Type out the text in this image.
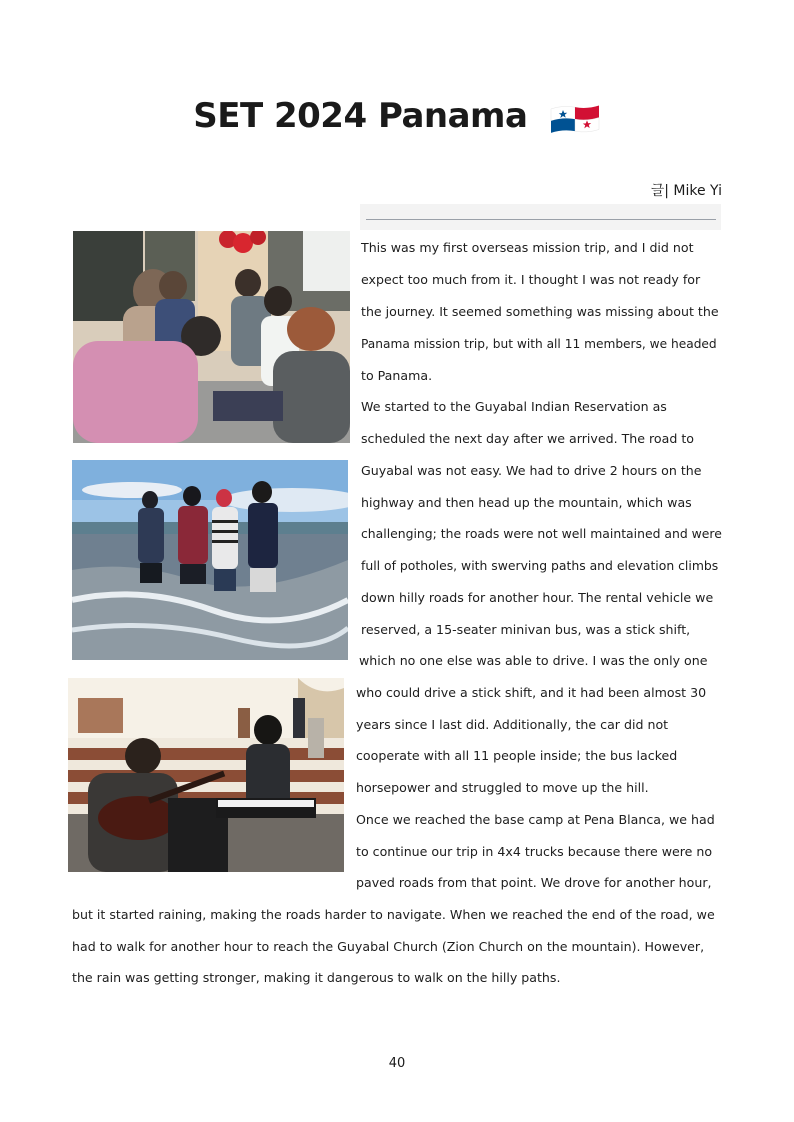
SET 2024 Panama
글| Mike Yi
This was my first overseas mission trip, and I did not
expect too much from it. I thought I was not ready for
the journey. It seemed something was missing about the
Panama mission trip, but with all 11 members, we headed
to Panama.
We started to the Guyabal Indian Reservation as
scheduled the next day after we arrived. The road to
Guyabal was not easy. We had to drive 2 hours on the
highway and then head up the mountain, which was
challenging; the roads were not well maintained and were
full of potholes, with swerving paths and elevation climbs
down hilly roads for another hour. The rental vehicle we
reserved, a 15-seater minivan bus, was a stick shift,
which no one else was able to drive. I was the only one
who could drive a stick shift, and it had been almost 30
years since I last did. Additionally, the car did not
cooperate with all 11 people inside; the bus lacked
horsepower and struggled to move up the hill.
Once we reached the base camp at Pena Blanca, we had
to continue our trip in 4x4 trucks because there were no
paved roads from that point. We drove for another hour,
but it started raining, making the roads harder to navigate. When we reached the end of the road, we
had to walk for another hour to reach the Guyabal Church (Zion Church on the mountain). However,
the rain was getting stronger, making it dangerous to walk on the hilly paths.
40
